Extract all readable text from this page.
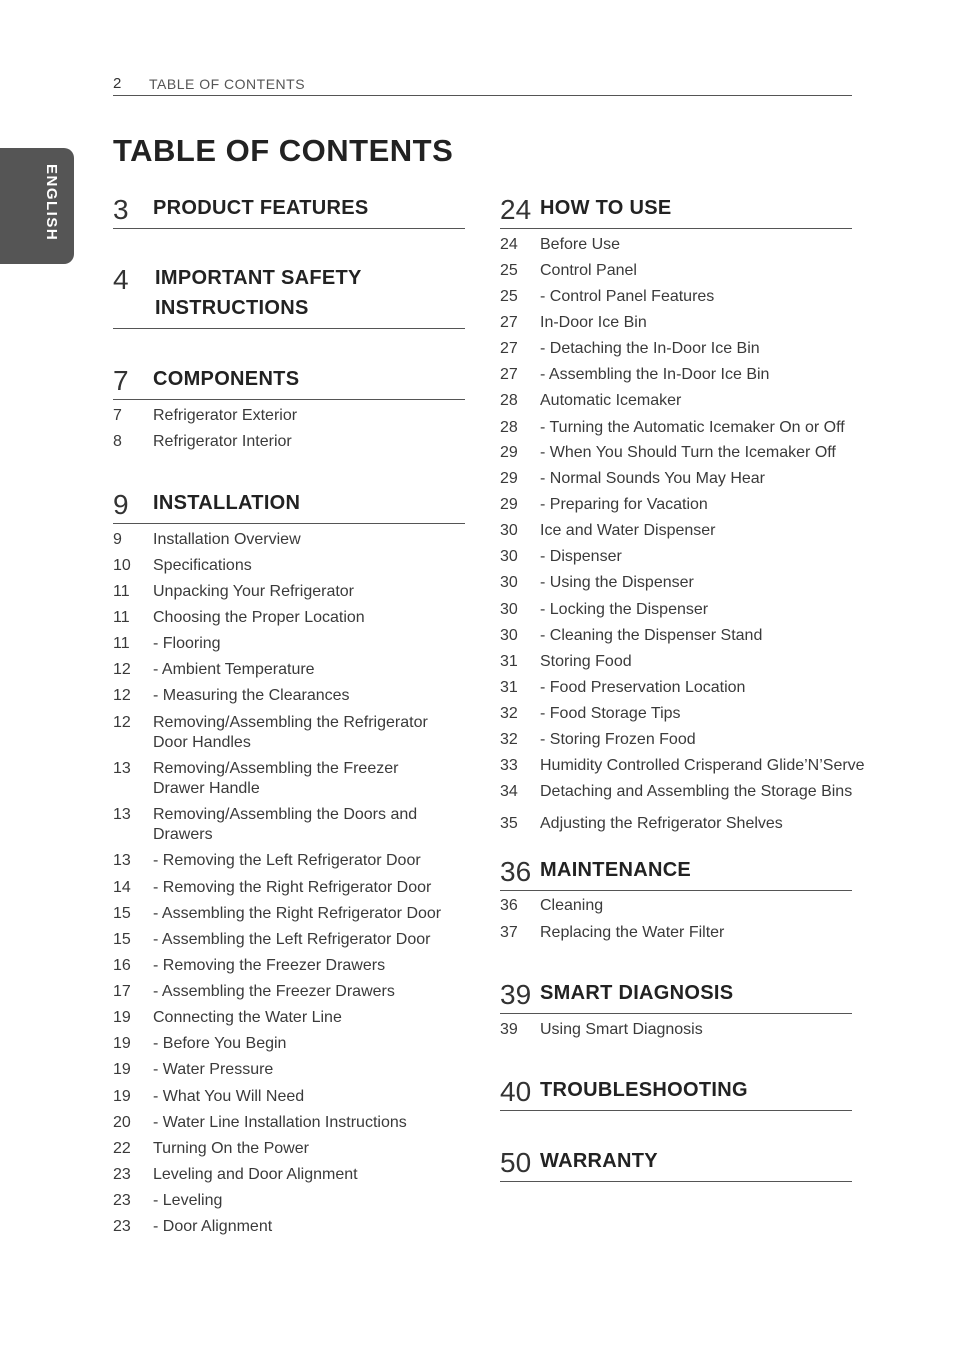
2 TABLE OF CONTENTS
ENGLISH
TABLE OF CONTENTS
3 PRODUCT FEATURES
4 IMPORTANT SAFETY
INSTRUCTIONS
7 COMPONENTS
7 Refrigerator Exterior
8 Refrigerator Interior
9 INSTALLATION
9 Installation Overview
10 Specifications
11 Unpacking Your Refrigerator
11 Choosing the Proper Location
11 - Flooring
12 - Ambient Temperature
12 - Measuring the Clearances
12 Removing/Assembling the Refrigerator
Door Handles
13 Removing/Assembling the Freezer
Drawer Handle
13 Removing/Assembling the Doors and
Drawers
13 - Removing the Left Refrigerator Door
14 - Removing the Right Refrigerator Door
15 - Assembling the Right Refrigerator Door
15 - Assembling the Left Refrigerator Door
16 - Removing the Freezer Drawers
17 - Assembling the Freezer Drawers
19 Connecting the Water Line
19 - Before You Begin
19 - Water Pressure
19 - What You Will Need
20 - Water Line Installation Instructions
22 Turning On the Power
23 Leveling and Door Alignment
23 - Leveling
23 - Door Alignment
24 HOW TO USE
24 Before Use
25 Control Panel
25 - Control Panel Features
27 In-Door Ice Bin
27 - Detaching the In-Door Ice Bin
27 - Assembling the In-Door Ice Bin
28 Automatic Icemaker
28 - Turning the Automatic Icemaker On or Off
29 - When You Should Turn the Icemaker Off
29 - Normal Sounds You May Hear
29 - Preparing for Vacation
30 Ice and Water Dispenser
30 - Dispenser
30 - Using the Dispenser
30 - Locking the Dispenser
30 - Cleaning the Dispenser Stand
31 Storing Food
31 - Food Preservation Location
32 - Food Storage Tips
32 - Storing Frozen Food
33 Humidity Controlled Crisperand Glide’N’Serve
34 Detaching and Assembling the Storage Bins
35 Adjusting the Refrigerator Shelves
36 MAINTENANCE
36 Cleaning
37 Replacing the Water Filter
39 SMART DIAGNOSIS
39 Using Smart Diagnosis
40 TROUBLESHOOTING
50 WARRANTY
